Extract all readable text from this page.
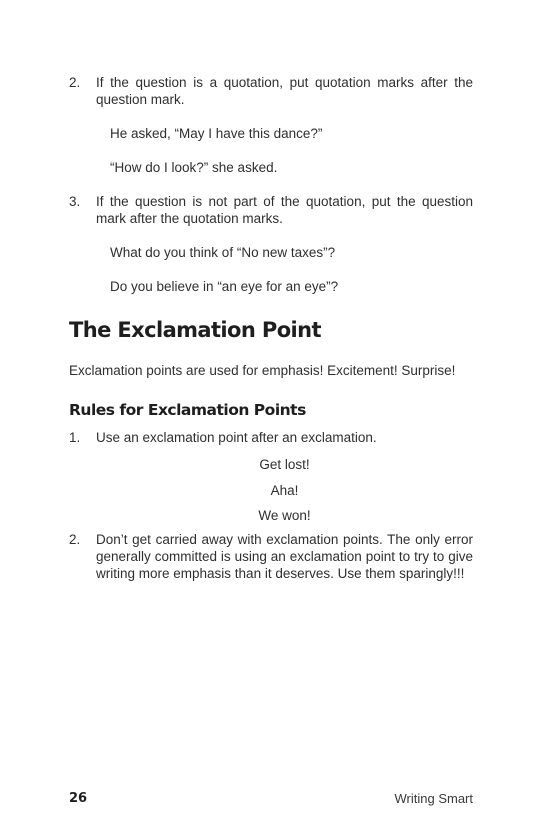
2.	If the question is a quotation, put quotation marks after the question mark.
He asked, “May I have this dance?”
“How do I look?” she asked.
3.	If the question is not part of the quotation, put the question mark after the quotation marks.
What do you think of “No new taxes”?
Do you believe in “an eye for an eye”?
The Exclamation Point
Exclamation points are used for emphasis! Excitement! Surprise!
Rules for Exclamation Points
1.	Use an exclamation point after an exclamation.
Get lost!
Aha!
We won!
2.	Don’t get carried away with exclamation points. The only error generally committed is using an exclamation point to try to give writing more emphasis than it deserves. Use them sparingly!!!
26	Writing Smart
